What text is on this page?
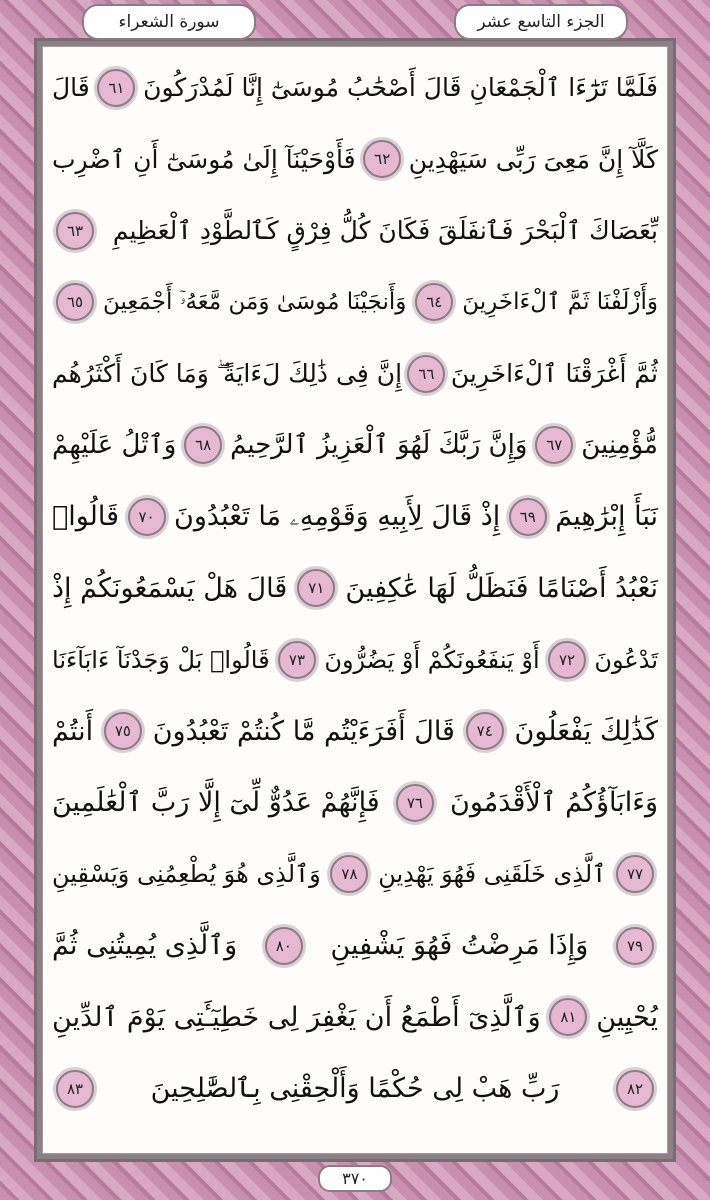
الجزء التاسع عشر
سورة الشعراء
فَلَمَّا تَرَٰٓءَا ٱلْجَمْعَانِ قَالَ أَصْحَٰبُ مُوسَىٰٓ إِنَّا لَمُدْرَكُونَ
٦١
قَالَ
كَلَّآ إِنَّ مَعِىَ رَبِّى سَيَهْدِينِ
٦٢
فَأَوْحَيْنَآ إِلَىٰ مُوسَىٰٓ أَنِ ٱضْرِب
بِّعَصَاكَ ٱلْبَحْرَ فَٱنفَلَقَ فَكَانَ كُلُّ فِرْقٍ كَٱلطَّوْدِ ٱلْعَظِيمِ
٦٣
وَأَزْلَفْنَا ثَمَّ ٱلْءَاخَرِينَ
٦٤
وَأَنجَيْنَا مُوسَىٰ وَمَن مَّعَهُۥٓ أَجْمَعِينَ
٦٥
ثُمَّ أَغْرَقْنَا ٱلْءَاخَرِينَ
٦٦
إِنَّ فِى ذَٰلِكَ لَءَايَةً ۖ وَمَا كَانَ أَكْثَرُهُم
مُّؤْمِنِينَ
٦٧
وَإِنَّ رَبَّكَ لَهُوَ ٱلْعَزِيزُ ٱلرَّحِيمُ
٦٨
وَٱتْلُ عَلَيْهِمْ
نَبَأَ إِبْرَٰهِيمَ
٦٩
إِذْ قَالَ لِأَبِيهِ وَقَوْمِهِۦ مَا تَعْبُدُونَ
٧٠
قَالُوا۟
نَعْبُدُ أَصْنَامًا فَنَظَلُّ لَهَا عَٰكِفِينَ
٧١
قَالَ هَلْ يَسْمَعُونَكُمْ إِذْ
تَدْعُونَ
٧٢
أَوْ يَنفَعُونَكُمْ أَوْ يَضُرُّونَ
٧٣
قَالُوا۟ بَلْ وَجَدْنَآ ءَابَآءَنَا
كَذَٰلِكَ يَفْعَلُونَ
٧٤
قَالَ أَفَرَءَيْتُم مَّا كُنتُمْ تَعْبُدُونَ
٧٥
أَنتُمْ
وَءَابَآؤُكُمُ ٱلْأَقْدَمُونَ
٧٦
فَإِنَّهُمْ عَدُوٌّ لِّىٓ إِلَّا رَبَّ ٱلْعَٰلَمِينَ
٧٧
ٱلَّذِى خَلَقَنِى فَهُوَ يَهْدِينِ
٧٨
وَٱلَّذِى هُوَ يُطْعِمُنِى وَيَسْقِينِ
٧٩
وَإِذَا مَرِضْتُ فَهُوَ يَشْفِينِ
٨٠
وَٱلَّذِى يُمِيتُنِى ثُمَّ
يُحْيِينِ
٨١
وَٱلَّذِىٓ أَطْمَعُ أَن يَغْفِرَ لِى خَطِيٓـَٔتِى يَوْمَ ٱلدِّينِ
٨٢
رَبِّ هَبْ لِى حُكْمًا وَأَلْحِقْنِى بِٱلصَّٰلِحِينَ
٨٣
٣٧٠
